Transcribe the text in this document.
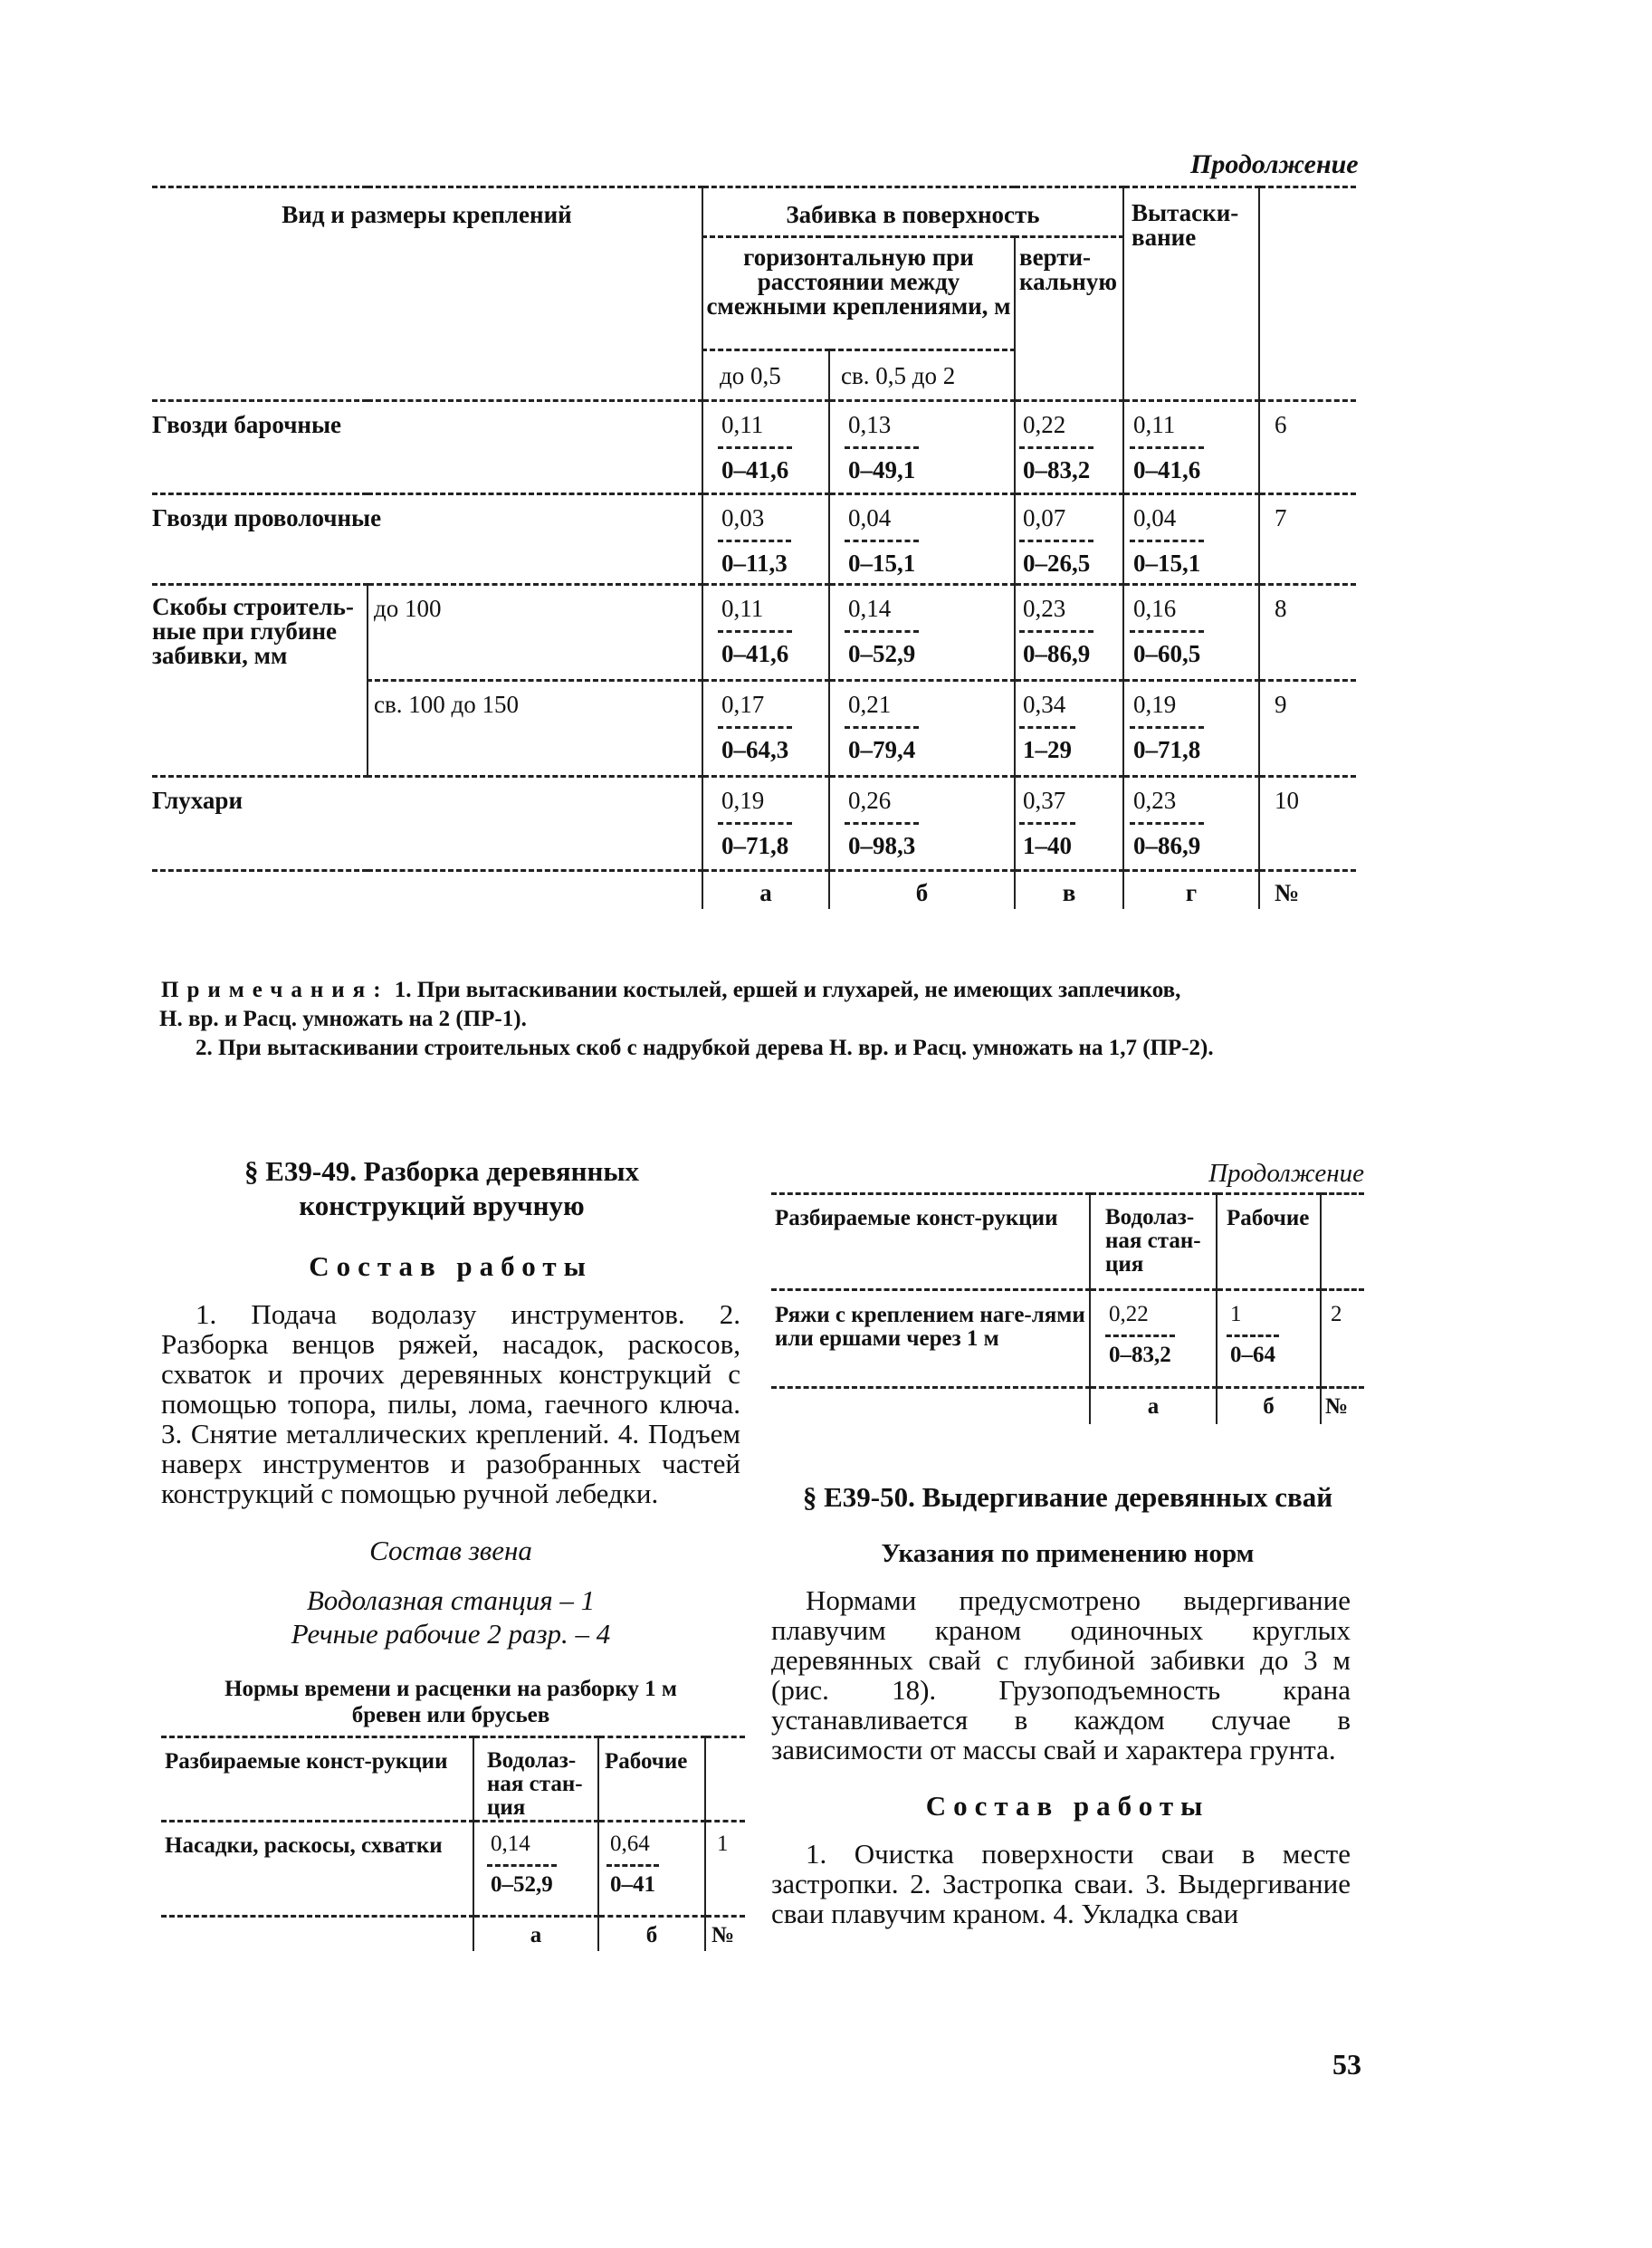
Продолжение
Вид и размеры креплений		Забивка в поверхность			Вытаски-вание	
		горизонтальную при расстоянии между смежными креплениями, м		верти-кальную		
		до 0,5	св. 0,5 до 2			
Гвозди барочные		$\frac{0,11}{0-41,6}$	$\frac{0,13}{0-49,1}$	$\frac{0,22}{0-83,2}$	$\frac{0,11}{0-41,6}$	6
Гвозди проволочные		$\frac{0,03}{0-11,3}$	$\frac{0,04}{0-15,1}$	$\frac{0,07}{0-26,5}$	$\frac{0,04}{0-15,1}$	7
Скобы строитель-ные при глубине забивки, мм	до 100	$\frac{0,11}{0-41,6}$	$\frac{0,14}{0-52,9}$	$\frac{0,23}{0-86,9}$	$\frac{0,16}{0-60,5}$	8
	св. 100 до 150	$\frac{0,17}{0-64,3}$	$\frac{0,21}{0-79,4}$	$\frac{0,34}{1-29}$	$\frac{0,19}{0-71,8}$	9
Глухари		$\frac{0,19}{0-71,8}$	$\frac{0,26}{0-98,3}$	$\frac{0,37}{1-40}$	$\frac{0,23}{0-86,9}$	10
		а	б	в	г	№
Примечания: 1. При вытаскивании костылей, ершей и глухарей, не имеющих заплечиков,
Н. вр. и Расц. умножать на 2 (ПР-1).
2. При вытаскивании строительных скоб с надрубкой дерева Н. вр. и Расц. умножать на 1,7 (ПР-2).
§ Е39-49. Разборка деревянных конструкций вручную
Состав работы
1. Подача водолазу инструментов. 2. Разборка венцов ряжей, насадок, раскосов, схваток и прочих деревянных конструкций с помощью топора, пилы, лома, гаечного ключа. 3. Снятие металлических креплений. 4. Подъем наверх инструментов и разобранных частей конструкций с помощью ручной лебедки.
Состав звена
Водолазная станция – 1
Речные рабочие 2 разр. – 4
Нормы времени и расценки на разборку 1 м бревен или брусьев
Разбираемые конст-рукции	Водолаз-ная стан-ция	Рабочие	
Насадки, раскосы, схватки	$\frac{0,14}{0-52,9}$	$\frac{0,64}{0-41}$	1
	а	б	№
Продолжение
Разбираемые конст-рукции	Водолаз-ная стан-ция	Рабочие	
Ряжи с креплением наге-лями или ершами через 1 м	$\frac{0,22}{0-83,2}$	$\frac{1}{0-64}$	2
	а	б	№
§ Е39-50. Выдергивание деревянных свай
Указания по применению норм
Нормами предусмотрено выдергивание плавучим краном одиночных круглых деревянных свай с глубиной забивки до 3 м (рис. 18). Грузоподъемность крана устанавливается в каждом случае в зависимости от массы свай и характера грунта.
Состав работы
1. Очистка поверхности сваи в месте застропки. 2. Застропка сваи. 3. Выдергивание сваи плавучим краном. 4. Укладка сваи
53
